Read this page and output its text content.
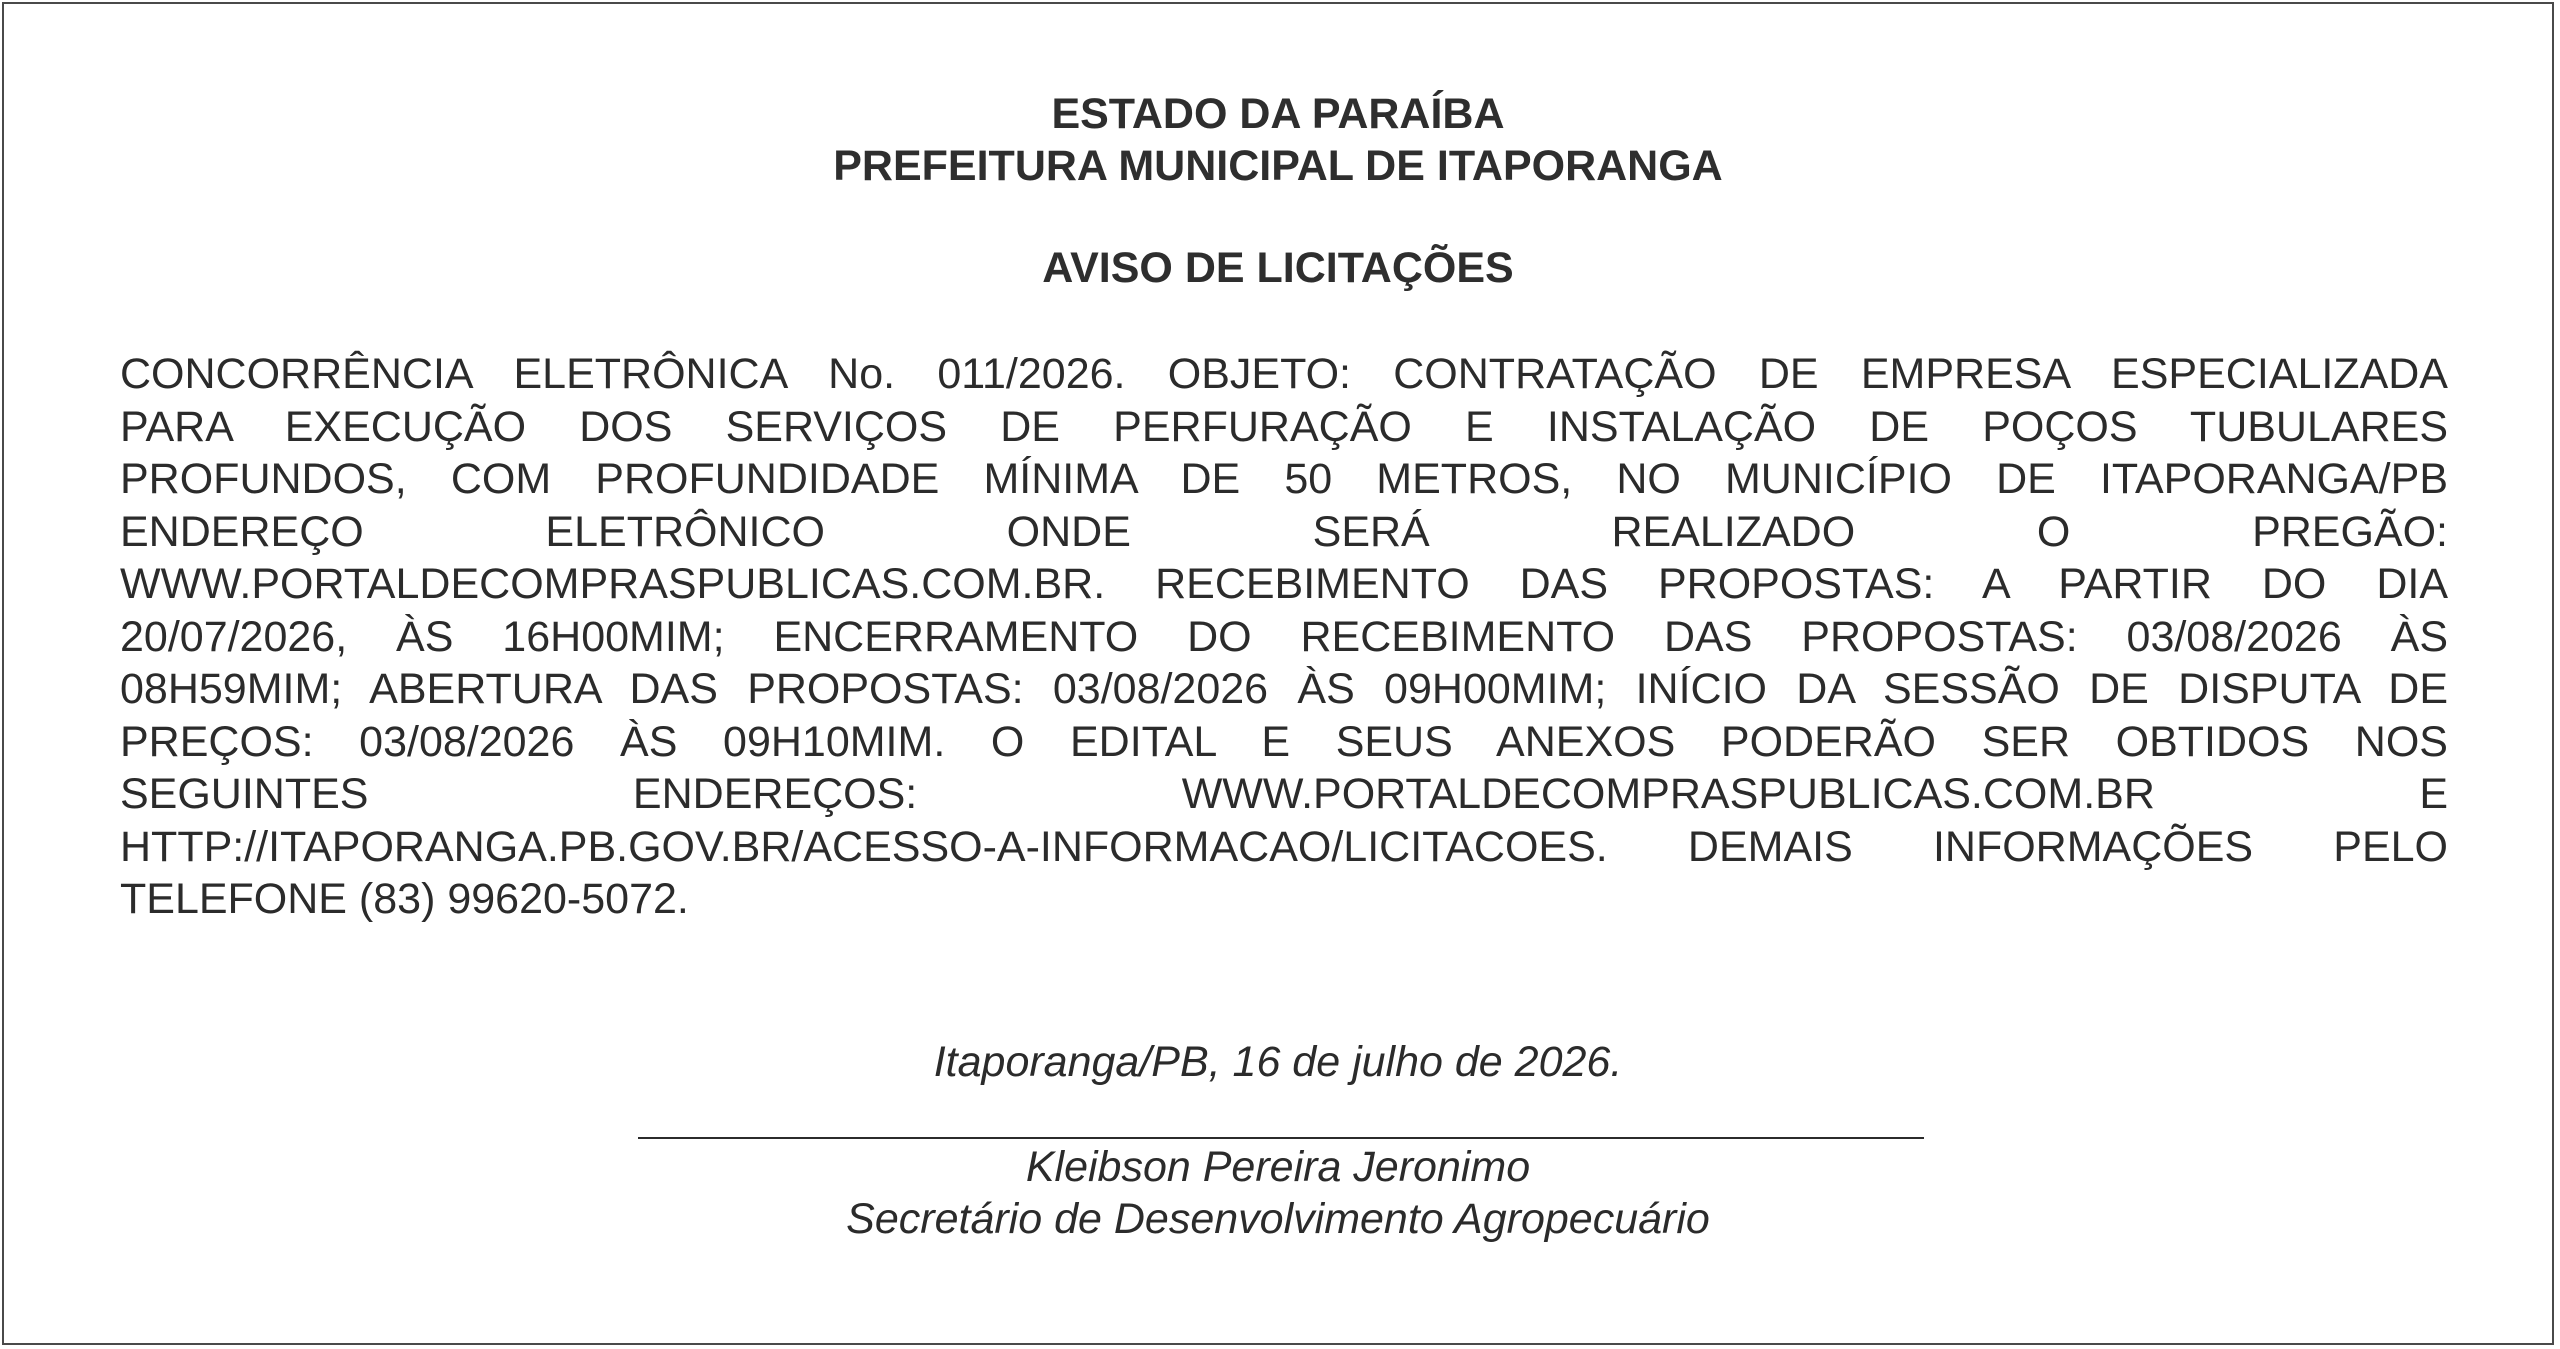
ESTADO DA PARAÍBA
PREFEITURA MUNICIPAL DE ITAPORANGA
AVISO DE LICITAÇÕES
CONCORRÊNCIA ELETRÔNICA No. 011/2026. OBJETO: CONTRATAÇÃO DE EMPRESA ESPECIALIZADA
PARA EXECUÇÃO DOS SERVIÇOS DE PERFURAÇÃO E INSTALAÇÃO DE POÇOS TUBULARES
PROFUNDOS, COM PROFUNDIDADE MÍNIMA DE 50 METROS, NO MUNICÍPIO DE ITAPORANGA/PB
ENDEREÇO ELETRÔNICO ONDE SERÁ REALIZADO O PREGÃO:
WWW.PORTALDECOMPRASPUBLICAS.COM.BR. RECEBIMENTO DAS PROPOSTAS: A PARTIR DO DIA
20/07/2026, ÀS 16H00MIM; ENCERRAMENTO DO RECEBIMENTO DAS PROPOSTAS: 03/08/2026 ÀS
08H59MIM; ABERTURA DAS PROPOSTAS: 03/08/2026 ÀS 09H00MIM; INÍCIO DA SESSÃO DE DISPUTA DE
PREÇOS: 03/08/2026 ÀS 09H10MIM. O EDITAL E SEUS ANEXOS PODERÃO SER OBTIDOS NOS
SEGUINTES ENDEREÇOS: WWW.PORTALDECOMPRASPUBLICAS.COM.BR E
HTTP://ITAPORANGA.PB.GOV.BR/ACESSO-A-INFORMACAO/LICITACOES. DEMAIS INFORMAÇÕES PELO
TELEFONE (83) 99620-5072.
Itaporanga/PB, 16 de julho de 2026.
Kleibson Pereira Jeronimo
Secretário de Desenvolvimento Agropecuário
